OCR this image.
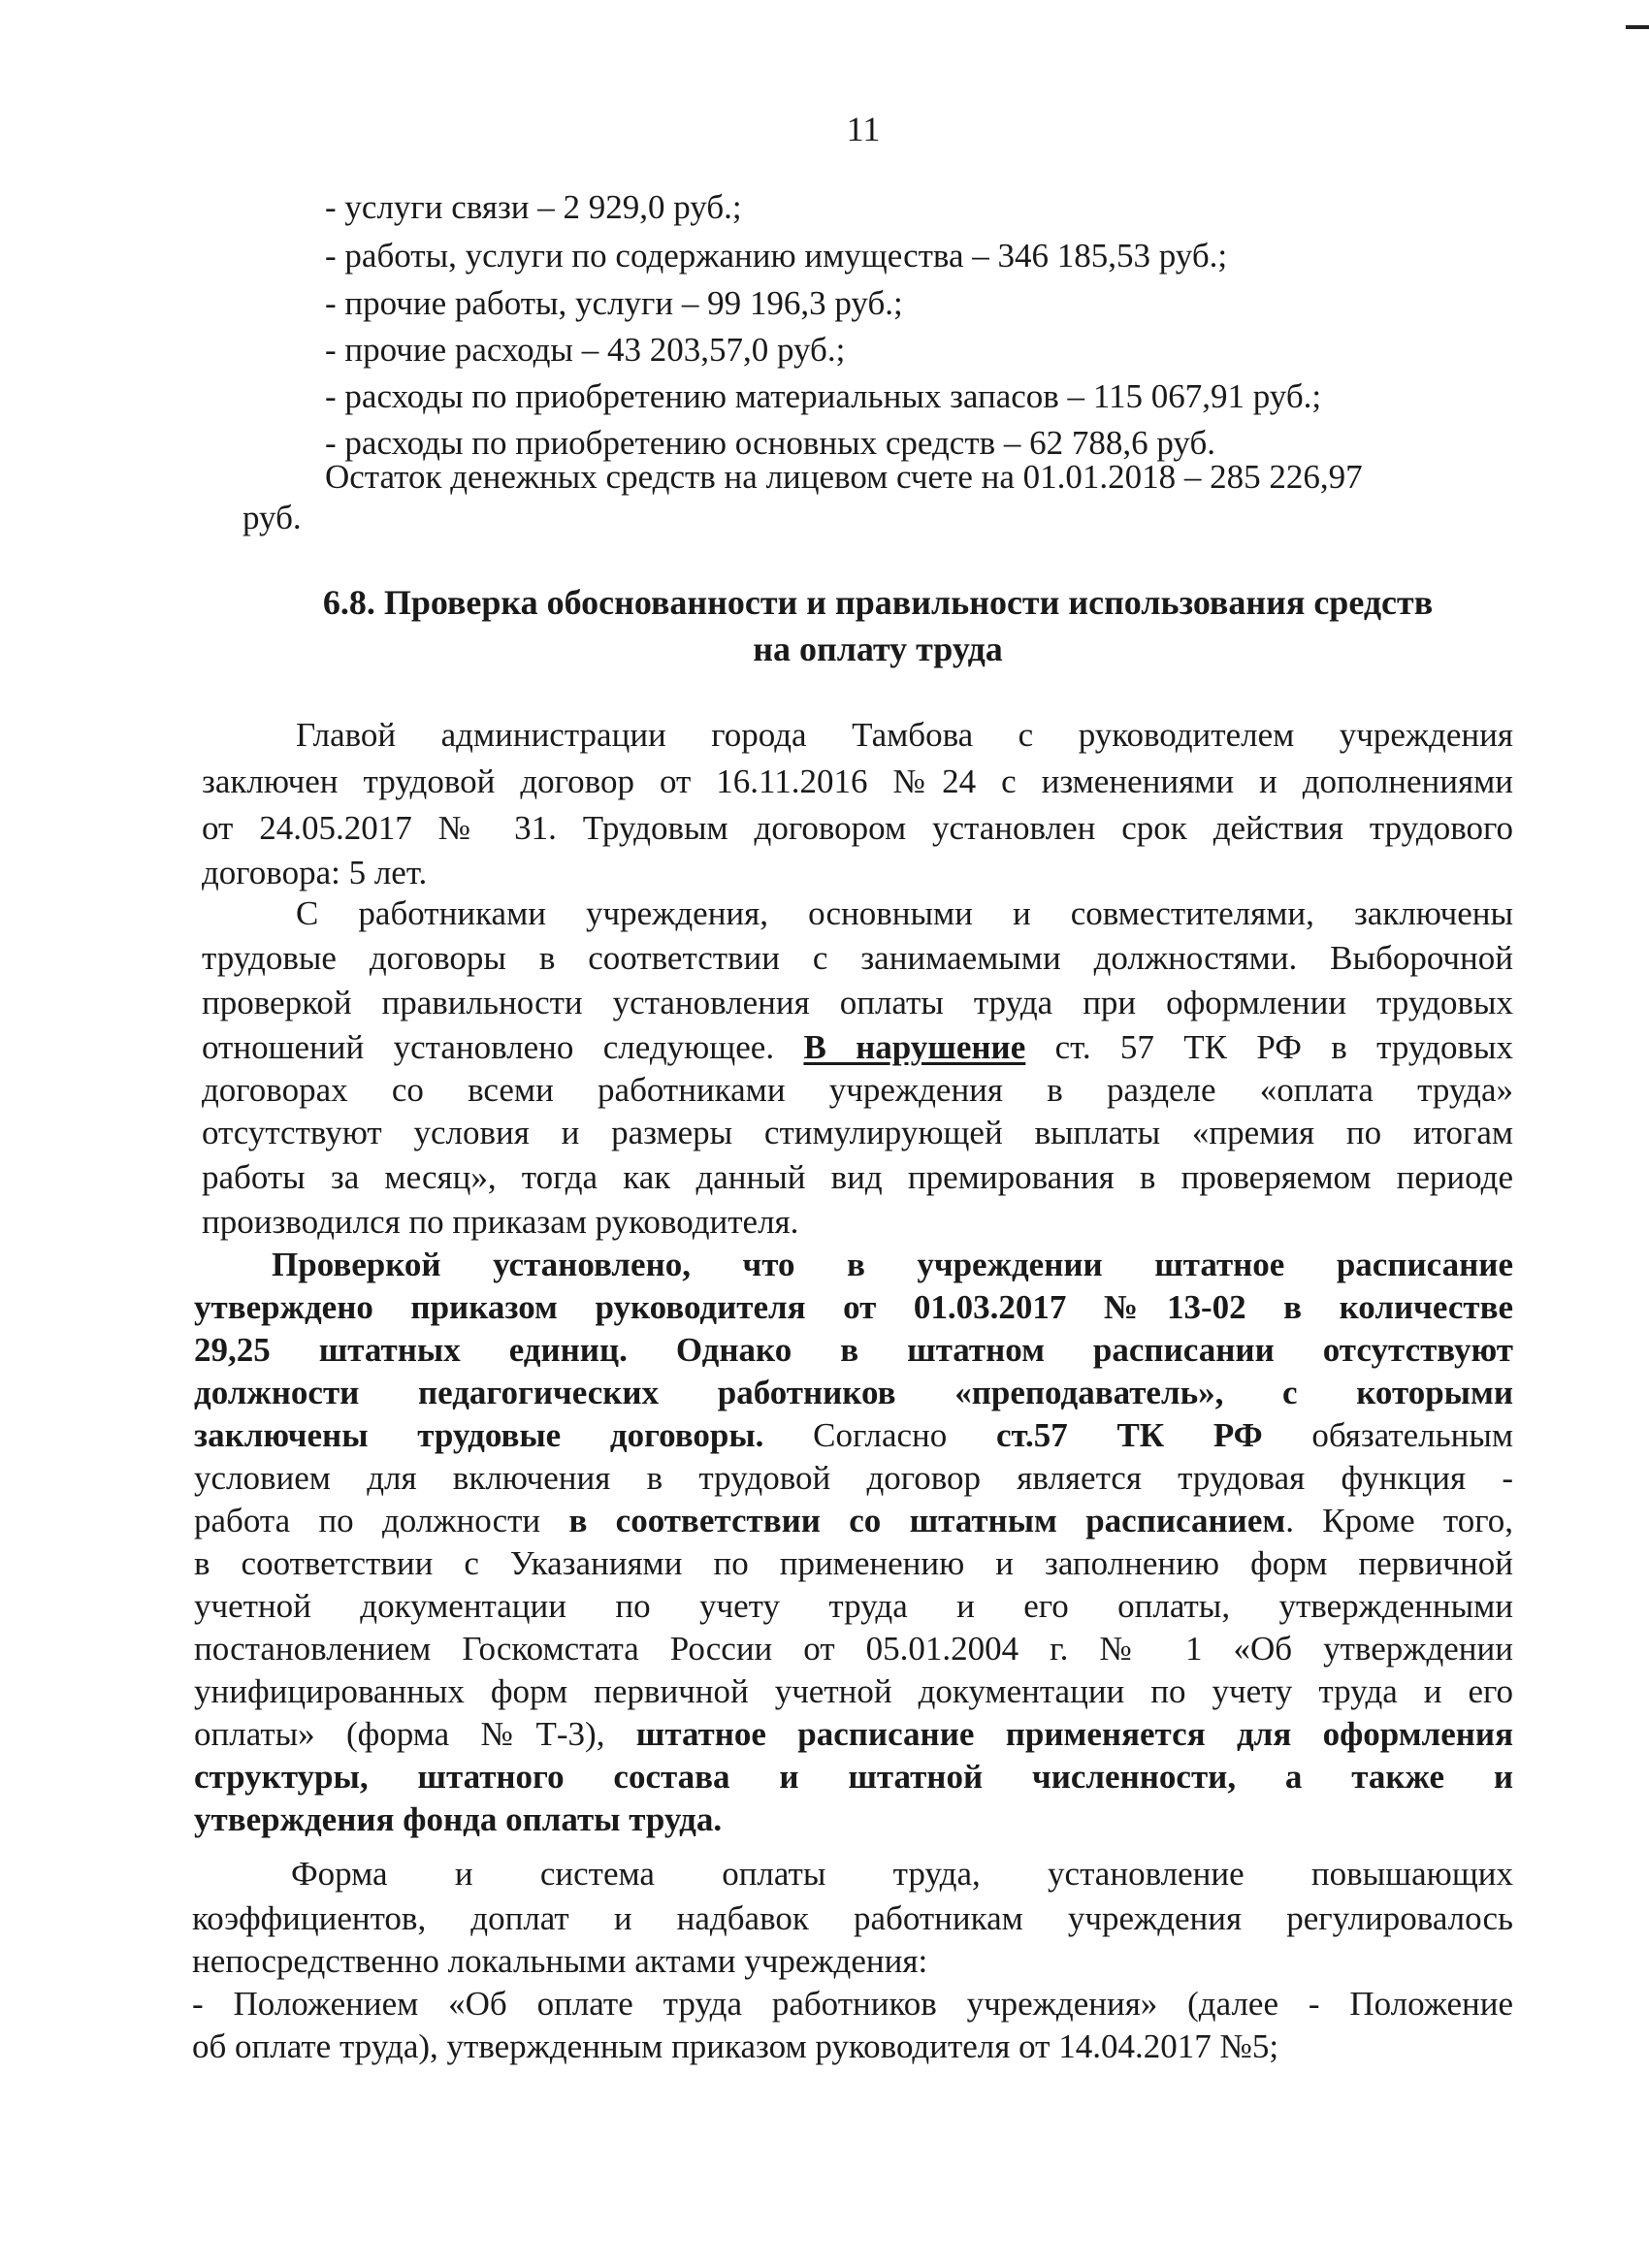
11
- услуги связи – 2 929,0 руб.;
- работы, услуги по содержанию имущества – 346 185,53 руб.;
- прочие работы, услуги – 99 196,3 руб.;
- прочие расходы – 43 203,57,0 руб.;
- расходы по приобретению материальных запасов – 115 067,91 руб.;
- расходы по приобретению основных средств – 62 788,6 руб.
Остаток денежных средств на лицевом счете на 01.01.2018 – 285 226,97
руб.
6.8. Проверка обоснованности и правильности использования средств
на оплату труда
Главой администрации города Тамбова с руководителем учреждения
заключен трудовой договор от 16.11.2016 №24 с изменениями и дополнениями
от 24.05.2017 № 31. Трудовым договором установлен срок действия трудового
договора: 5 лет.
С работниками учреждения, основными и совместителями, заключены
трудовые договоры в соответствии с занимаемыми должностями. Выборочной
проверкой правильности установления оплаты труда при оформлении трудовых
отношений установлено следующее. В нарушение ст. 57 ТК РФ в трудовых
договорах со всеми работниками учреждения в разделе «оплата труда»
отсутствуют условия и размеры стимулирующей выплаты «премия по итогам
работы за месяц», тогда как данный вид премирования в проверяемом периоде
производился по приказам руководителя.
Проверкой установлено, что в учреждении штатное расписание
утверждено приказом руководителя от 01.03.2017 №13-02 в количестве
29,25 штатных единиц. Однако в штатном расписании отсутствуют
должности педагогических работников «преподаватель», с которыми
заключены трудовые договоры. Согласно ст.57 ТК РФ обязательным
условием для включения в трудовой договор является трудовая функция -
работа по должности в соответствии со штатным расписанием. Кроме того,
в соответствии с Указаниями по применению и заполнению форм первичной
учетной документации по учету труда и его оплаты, утвержденными
постановлением Госкомстата России от 05.01.2004 г. № 1 «Об утверждении
унифицированных форм первичной учетной документации по учету труда и его
оплаты» (форма №Т-3), штатное расписание применяется для оформления
структуры, штатного состава и штатной численности, а также и
утверждения фонда оплаты труда.
Форма и система оплаты труда, установление повышающих
коэффициентов, доплат и надбавок работникам учреждения регулировалось
непосредственно локальными актами учреждения:
- Положением «Об оплате труда работников учреждения» (далее - Положение
об оплате труда), утвержденным приказом руководителя от 14.04.2017 №5;
